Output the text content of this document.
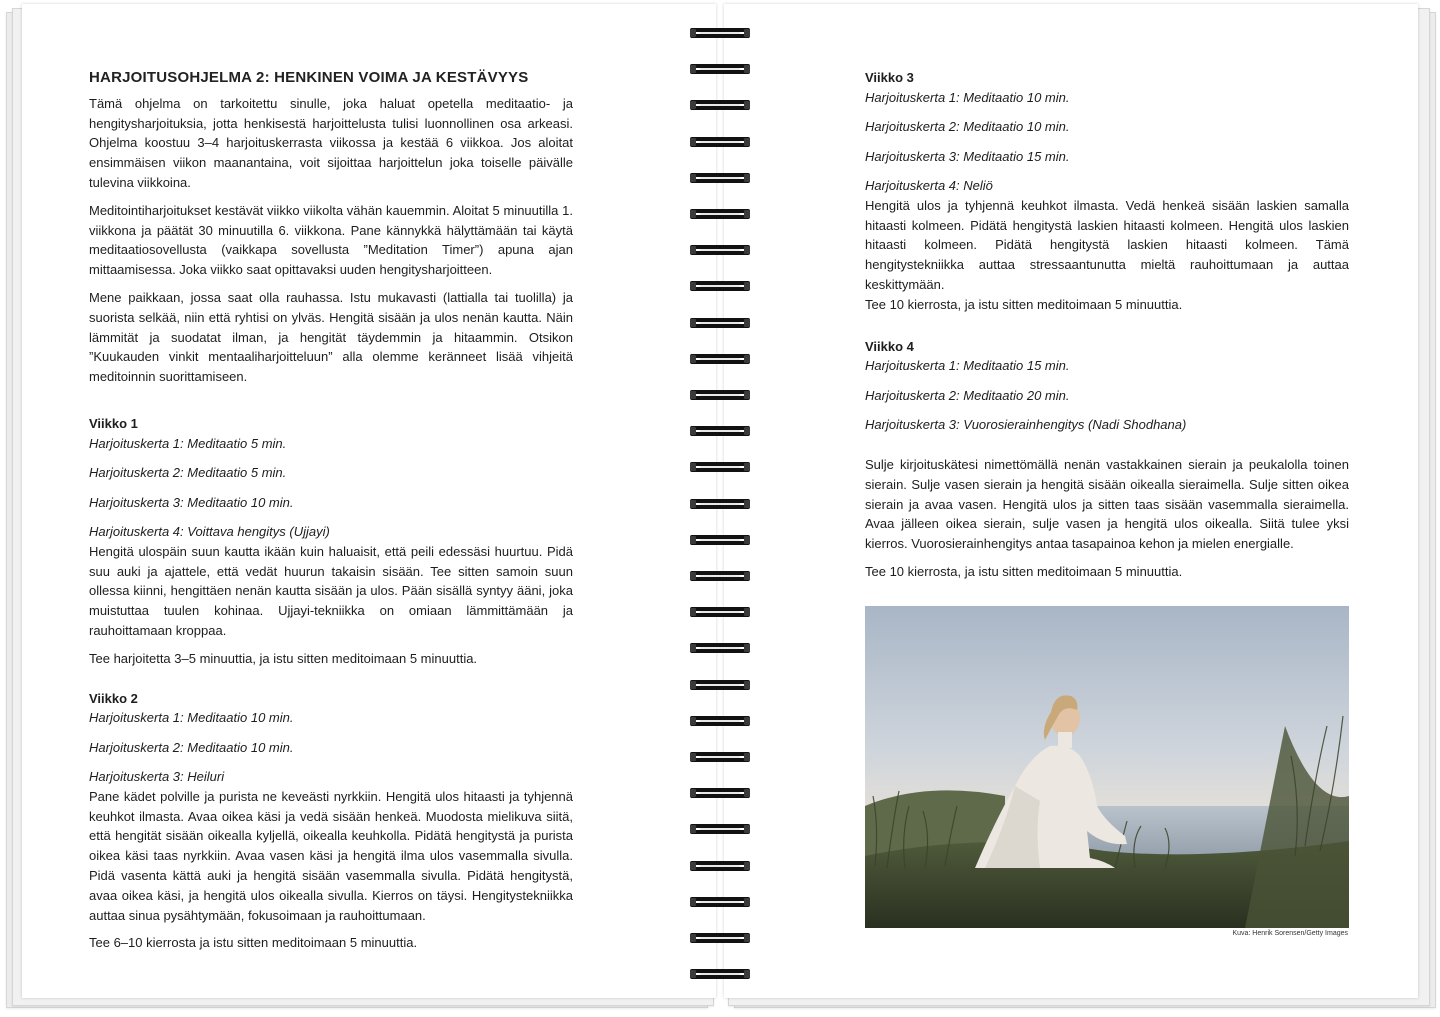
HARJOITUSOHJELMA 2: HENKINEN VOIMA JA KESTÄVYYS

Tämä ohjelma on tarkoitettu sinulle, joka haluat opetella meditaatio- ja hengitysharjoituksia, jotta henkisestä harjoittelusta tulisi luonnollinen osa arkeasi. Ohjelma koostuu 3–4 harjoituskerrasta viikossa ja kestää 6 viikkoa. Jos aloitat ensimmäisen viikon maanantaina, voit sijoittaa harjoittelun joka toiselle päivälle tulevina viikkoina.

Meditointiharjoitukset kestävät viikko viikolta vähän kauemmin. Aloitat 5 minuutilla 1. viikkona ja päätät 30 minuutilla 6. viikkona. Pane kännykkä hälyttämään tai käytä meditaatiosovellusta (vaikkapa sovellusta ”Meditation Timer”) apuna ajan mittaamisessa. Joka viikko saat opittavaksi uuden hengitysharjoitteen.

Mene paikkaan, jossa saat olla rauhassa. Istu mukavasti (lattialla tai tuolilla) ja suorista selkää, niin että ryhtisi on ylväs. Hengitä sisään ja ulos nenän kautta. Näin lämmität ja suodatat ilman, ja hengität täydemmin ja hitaammin. Otsikon ”Kuukauden vinkit mentaaliharjoitteluun” alla olemme keränneet lisää vihjeitä meditoinnin suorittamiseen.

Viikko 1
Harjoituskerta 1: Meditaatio 5 min.
Harjoituskerta 2: Meditaatio 5 min.
Harjoituskerta 3: Meditaatio 10 min.
Harjoituskerta 4: Voittava hengitys (Ujjayi)

Hengitä ulospäin suun kautta ikään kuin haluaisit, että peili edessäsi huurtuu. Pidä suu auki ja ajattele, että vedät huurun takaisin sisään. Tee sitten samoin suun ollessa kiinni, hengittäen nenän kautta sisään ja ulos. Pään sisällä syntyy ääni, joka muistuttaa tuulen kohinaa. Ujjayi-tekniikka on omiaan lämmittämään ja rauhoittamaan kroppaa.

Tee harjoitetta 3–5 minuuttia, ja istu sitten meditoimaan 5 minuuttia.

Viikko 2
Harjoituskerta 1: Meditaatio 10 min.
Harjoituskerta 2: Meditaatio 10 min.
Harjoituskerta 3: Heiluri

Pane kädet polville ja purista ne keveästi nyrkkiin. Hengitä ulos hitaasti ja tyhjennä keuhkot ilmasta. Avaa oikea käsi ja vedä sisään henkeä. Muodosta mielikuva siitä, että hengität sisään oikealla kyljellä, oikealla keuhkolla. Pidätä hengitystä ja purista oikea käsi taas nyrkkiin. Avaa vasen käsi ja hengitä ilma ulos vasemmalla sivulla. Pidä vasenta kättä auki ja hengitä sisään vasemmalla sivulla. Pidätä hengitystä, avaa oikea käsi, ja hengitä ulos oikealla sivulla. Kierros on täysi. Hengitystekniikka auttaa sinua pysähtymään, fokusoimaan ja rauhoittumaan.

Tee 6–10 kierrosta ja istu sitten meditoimaan 5 minuuttia.

Viikko 3
Harjoituskerta 1: Meditaatio 10 min.
Harjoituskerta 2: Meditaatio 10 min.
Harjoituskerta 3: Meditaatio 15 min.
Harjoituskerta 4: Neliö

Hengitä ulos ja tyhjennä keuhkot ilmasta. Vedä henkeä sisään laskien samalla hitaasti kolmeen. Pidätä hengitystä laskien hitaasti kolmeen. Hengitä ulos laskien hitaasti kolmeen. Pidätä hengitystä laskien hitaasti kolmeen. Tämä hengitystekniikka auttaa stressaantunutta mieltä rauhoittumaan ja auttaa keskittymään.

Tee 10 kierrosta, ja istu sitten meditoimaan 5 minuuttia.

Viikko 4
Harjoituskerta 1: Meditaatio 15 min.
Harjoituskerta 2: Meditaatio 20 min.
Harjoituskerta 3: Vuorosierainhengitys (Nadi Shodhana)

Sulje kirjoituskätesi nimettömällä nenän vastakkainen sierain ja peukalolla toinen sierain. Sulje vasen sierain ja hengitä sisään oikealla sieraimella. Sulje sitten oikea sierain ja avaa vasen. Hengitä ulos ja sitten taas sisään vasemmalla sieraimella. Avaa jälleen oikea sierain, sulje vasen ja hengitä ulos oikealla. Siitä tulee yksi kierros. Vuorosierainhengitys antaa tasapainoa kehon ja mielen energialle.

Tee 10 kierrosta, ja istu sitten meditoimaan 5 minuuttia.

Kuva: Henrik Sorensen/Getty Images
